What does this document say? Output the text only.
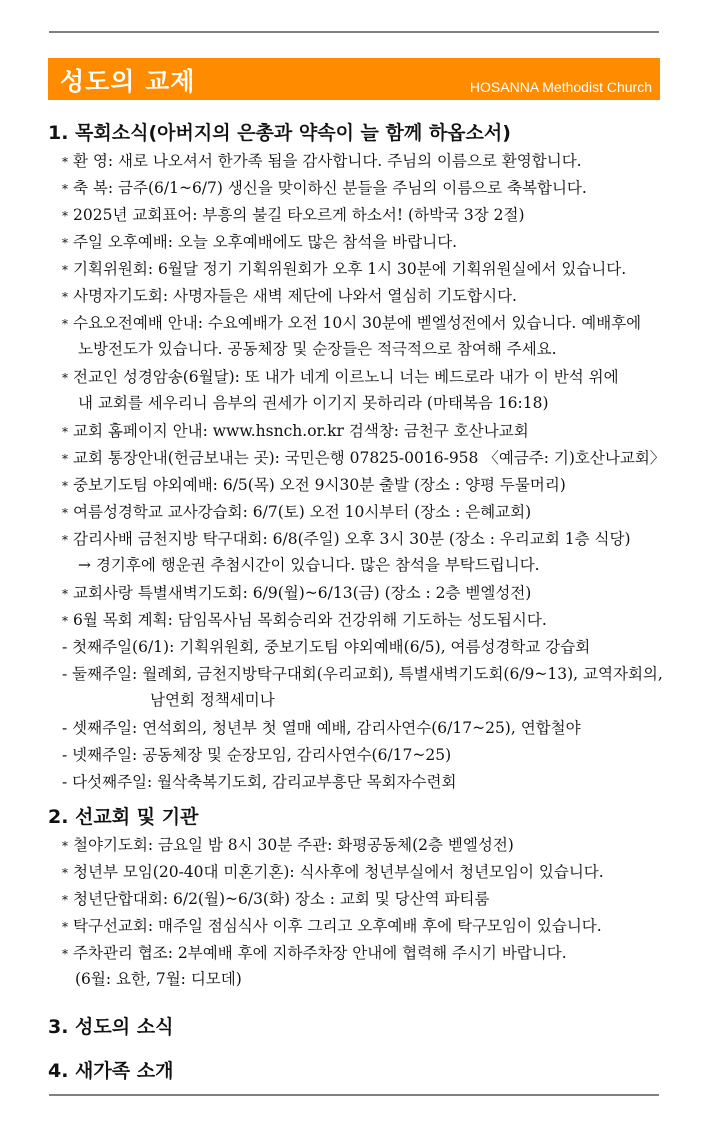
성도의 교제	HOSANNA Methodist Church
1. 목회소식(아버지의 은총과 약속이 늘 함께 하옵소서)
* 환 영: 새로 나오셔서 한가족 됨을 감사합니다. 주님의 이름으로 환영합니다.
* 축 복: 금주(6/1~6/7) 생신을 맞이하신 분들을 주님의 이름으로 축복합니다.
* 2025년 교회표어: 부흥의 불길 타오르게 하소서! (하박국 3장 2절)
* 주일 오후예배: 오늘 오후예배에도 많은 참석을 바랍니다.
* 기획위원회: 6월달 정기 기획위원회가 오후 1시 30분에 기획위원실에서 있습니다.
* 사명자기도회: 사명자들은 새벽 제단에 나와서 열심히 기도합시다.
* 수요오전예배 안내: 수요예배가 오전 10시 30분에 벧엘성전에서 있습니다. 예배후에
노방전도가 있습니다. 공동체장 및 순장들은 적극적으로 참여해 주세요.
* 전교인 성경암송(6월달): 또 내가 네게 이르노니 너는 베드로라 내가 이 반석 위에
내 교회를 세우리니 음부의 권세가 이기지 못하리라 (마태복음 16:18)
* 교회 홈페이지 안내: www.hsnch.or.kr 검색창: 금천구 호산나교회
* 교회 통장안내(헌금보내는 곳): 국민은행 07825-0016-958 〈예금주: 기)호산나교회〉
* 중보기도팀 야외예배: 6/5(목) 오전 9시30분 출발 (장소 : 양평 두물머리)
* 여름성경학교 교사강습회: 6/7(토) 오전 10시부터 (장소 : 은혜교회)
* 감리사배 금천지방 탁구대회: 6/8(주일) 오후 3시 30분 (장소 : 우리교회 1층 식당)
→ 경기후에 행운권 추첨시간이 있습니다. 많은 참석을 부탁드립니다.
* 교회사랑 특별새벽기도회: 6/9(월)~6/13(금) (장소 : 2층 벧엘성전)
* 6월 목회 계획: 담임목사님 목회승리와 건강위해 기도하는 성도됩시다.
- 첫째주일(6/1): 기획위원회, 중보기도팀 야외예배(6/5), 여름성경학교 강습회
- 둘째주일: 월례회, 금천지방탁구대회(우리교회), 특별새벽기도회(6/9~13), 교역자회의,
남연회 정책세미나
- 셋째주일: 연석회의, 청년부 첫 열매 예배, 감리사연수(6/17~25), 연합철야
- 넷째주일: 공동체장 및 순장모임, 감리사연수(6/17~25)
- 다섯째주일: 월삭축복기도회, 감리교부흥단 목회자수련회
2. 선교회 및 기관
* 철야기도회: 금요일 밤 8시 30분 주관: 화평공동체(2층 벧엘성전)
* 청년부 모임(20-40대 미혼기혼): 식사후에 청년부실에서 청년모임이 있습니다.
* 청년단합대회: 6/2(월)~6/3(화) 장소 : 교회 및 당산역 파티룸
* 탁구선교회: 매주일 점심식사 이후 그리고 오후예배 후에 탁구모임이 있습니다.
* 주차관리 협조: 2부예배 후에 지하주차장 안내에 협력해 주시기 바랍니다.
(6월: 요한, 7월: 디모데)
3. 성도의 소식
4. 새가족 소개
